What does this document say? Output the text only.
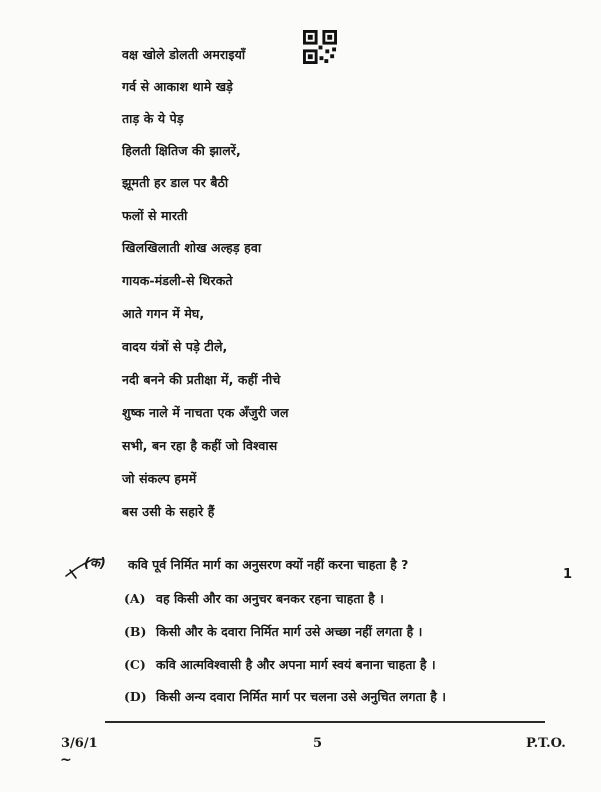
वक्ष खोले डोलती अमराइयाँ
गर्व से आकाश थामे खड़े
ताड़ के ये पेड़
हिलती क्षितिज की झालरें,
झूमती हर डाल पर बैठी
फलों से मारती
खिलखिलाती शोख अल्हड़ हवा
गायक-मंडली-से थिरकते
आते गगन में मेघ,
वादय यंत्रों से पड़े टीले,
नदी बनने की प्रतीक्षा में, कहीं नीचे
शुष्क नाले में नाचता एक अँजुरी जल
सभी, बन रहा है कहीं जो विश्वास
जो संकल्प हममें
बस उसी के सहारे हैं
(क) कवि पूर्व निर्मित मार्ग का अनुसरण क्यों नहीं करना चाहता है ?
1
(A) वह किसी और का अनुचर बनकर रहना चाहता है ।
(B) किसी और के दवारा निर्मित मार्ग उसे अच्छा नहीं लगता है ।
(C) कवि आत्मविश्वासी है और अपना मार्ग स्वयं बनाना चाहता है ।
(D) किसी अन्य दवारा निर्मित मार्ग पर चलना उसे अनुचित लगता है ।
3/6/1	5	P.T.O.
~
